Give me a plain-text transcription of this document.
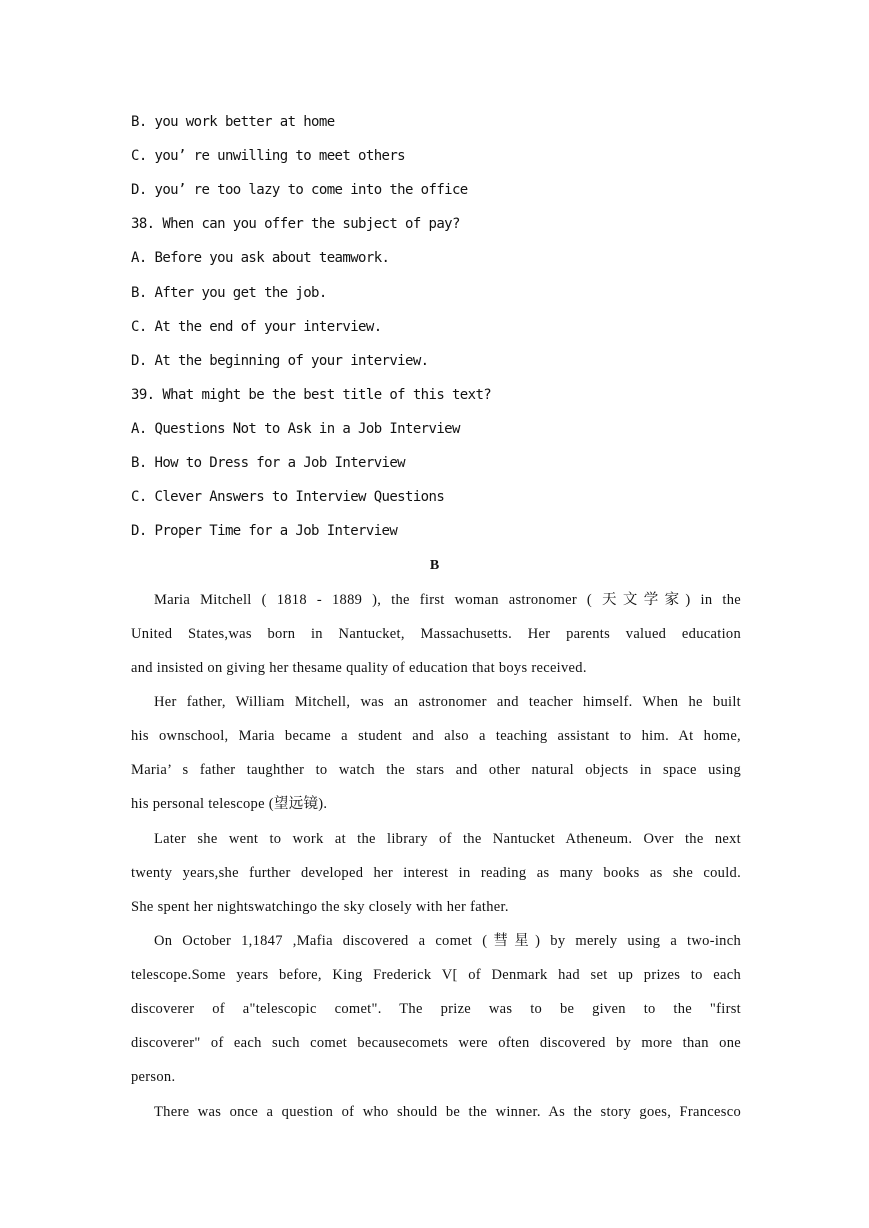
B. you work better at home
C. you’ re unwilling to meet others
D. you’ re too lazy to come into the office
38. When can you offer the subject of pay?
A. Before you ask about teamwork.
B. After you get the job.
C. At the end of your interview.
D. At the beginning of your interview.
39. What might be the best title of this text?
A. Questions Not to Ask in a Job Interview
B. How to Dress for a Job Interview
C. Clever Answers to Interview Questions
D. Proper Time for a Job Interview
B
Maria Mitchell ( 1818 - 1889 ), the first woman astronomer ( 天文学家) in the
United States,was born in Nantucket, Massachusetts. Her parents valued education
and insisted on giving her thesame quality of education that boys received.
Her father, William Mitchell, was an astronomer and teacher himself. When he built
his ownschool, Maria became a student and also a teaching assistant to him. At home,
Maria’ s father taughther to watch the stars and other natural objects in space using
his personal telescope (望远镜).
Later she went to work at the library of the Nantucket Atheneum. Over the next
twenty years,she further developed her interest in reading as many books as she could.
She spent her nightswatchingo the sky closely with her father.
On October 1,1847 ,Mafia discovered a comet (彗星) by merely using a two-inch
telescope.Some years before, King Frederick V[ of Denmark had set up prizes to each
discoverer of a"telescopic comet". The prize was to be given to the "first
discoverer" of each such comet becausecomets were often discovered by more than one
person.
There was once a question of who should be the winner. As the story goes, Francesco
